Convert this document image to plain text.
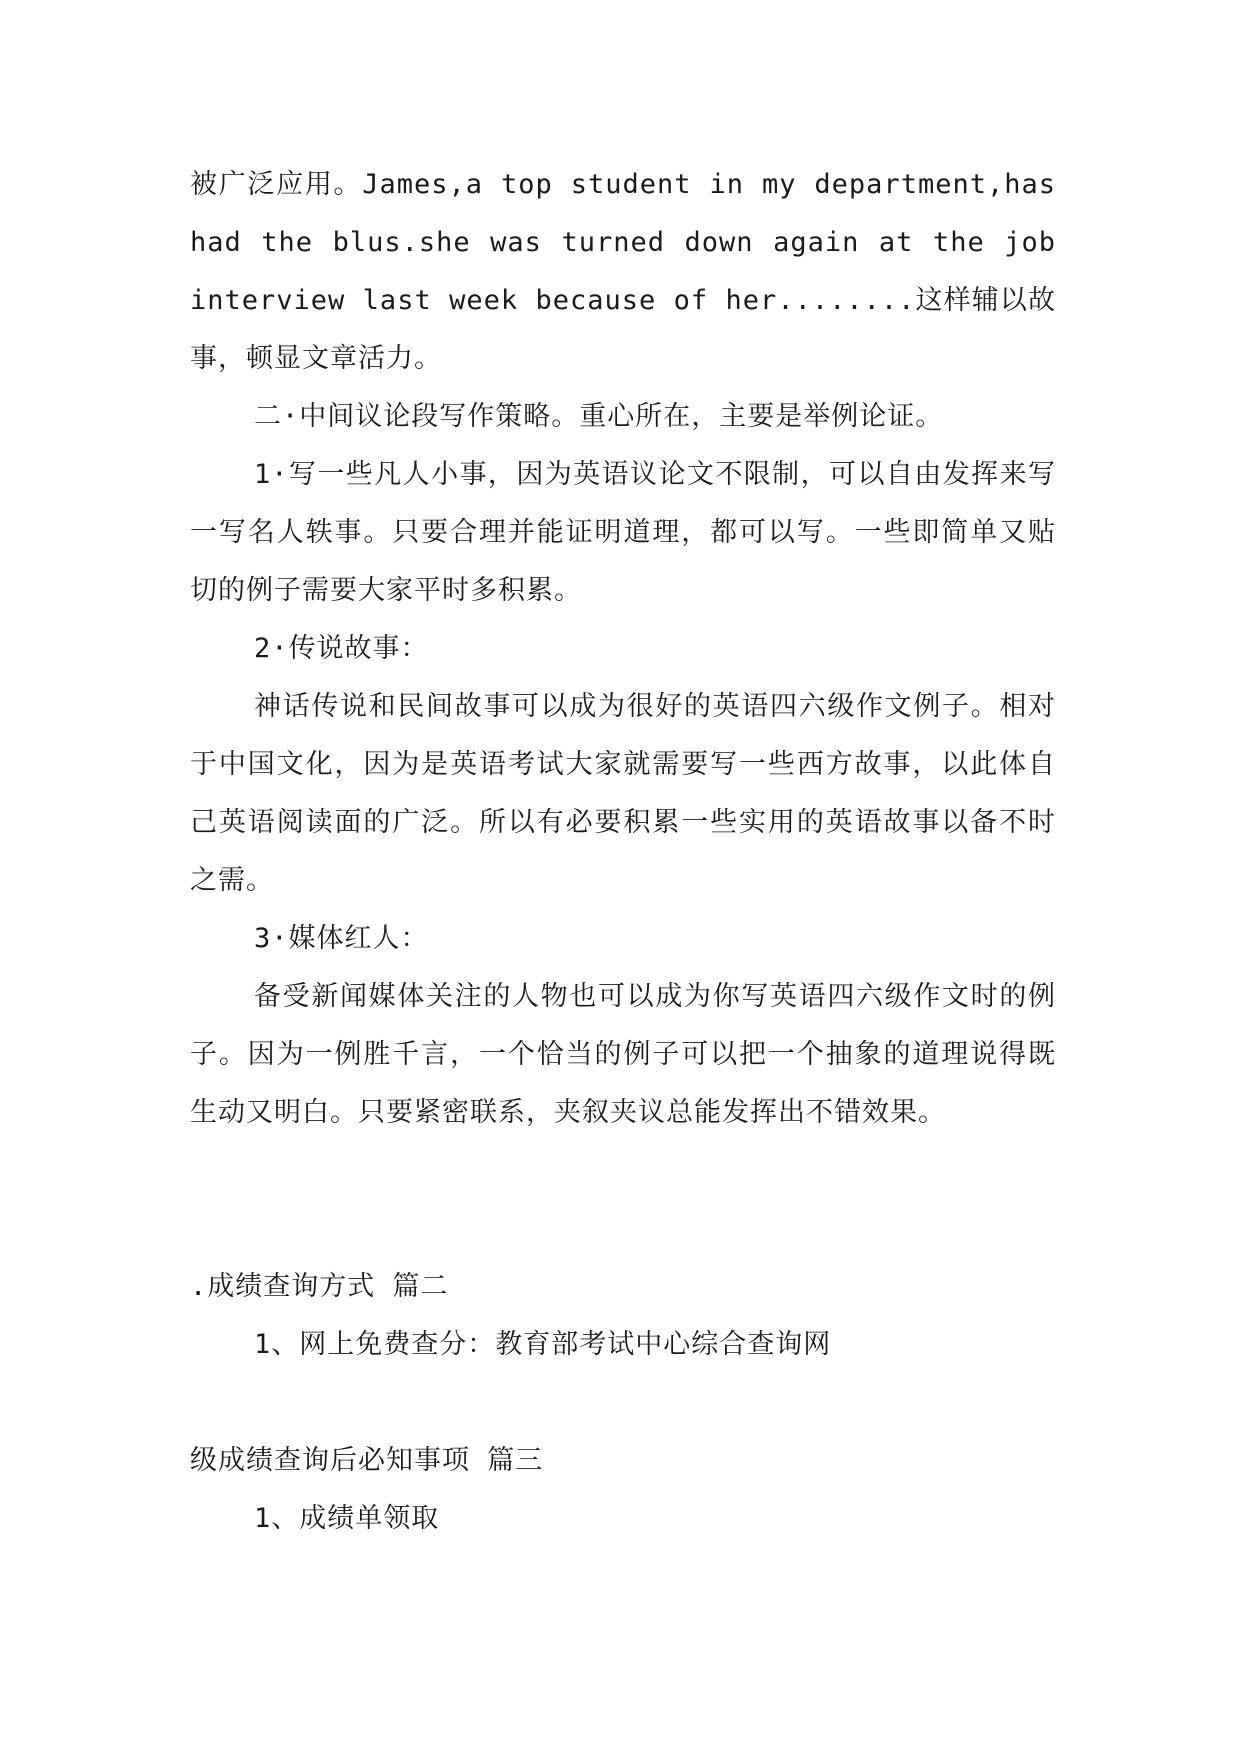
被广泛应用。James,a top student in my department,has had the blus.she was turned down again at the job interview last week because of her........这样辅以故事，顿显文章活力。

二·中间议论段写作策略。重心所在，主要是举例论证。

1·写一些凡人小事，因为英语议论文不限制，可以自由发挥来写一写名人轶事。只要合理并能证明道理，都可以写。一些即简单又贴切的例子需要大家平时多积累。

2·传说故事：

神话传说和民间故事可以成为很好的英语四六级作文例子。相对于中国文化，因为是英语考试大家就需要写一些西方故事，以此体自己英语阅读面的广泛。所以有必要积累一些实用的英语故事以备不时之需。

3·媒体红人：

备受新闻媒体关注的人物也可以成为你写英语四六级作文时的例子。因为一例胜千言，一个恰当的例子可以把一个抽象的道理说得既生动又明白。只要紧密联系，夹叙夹议总能发挥出不错效果。

.成绩查询方式 篇二

1、网上免费查分：教育部考试中心综合查询网

级成绩查询后必知事项 篇三

1、成绩单领取
